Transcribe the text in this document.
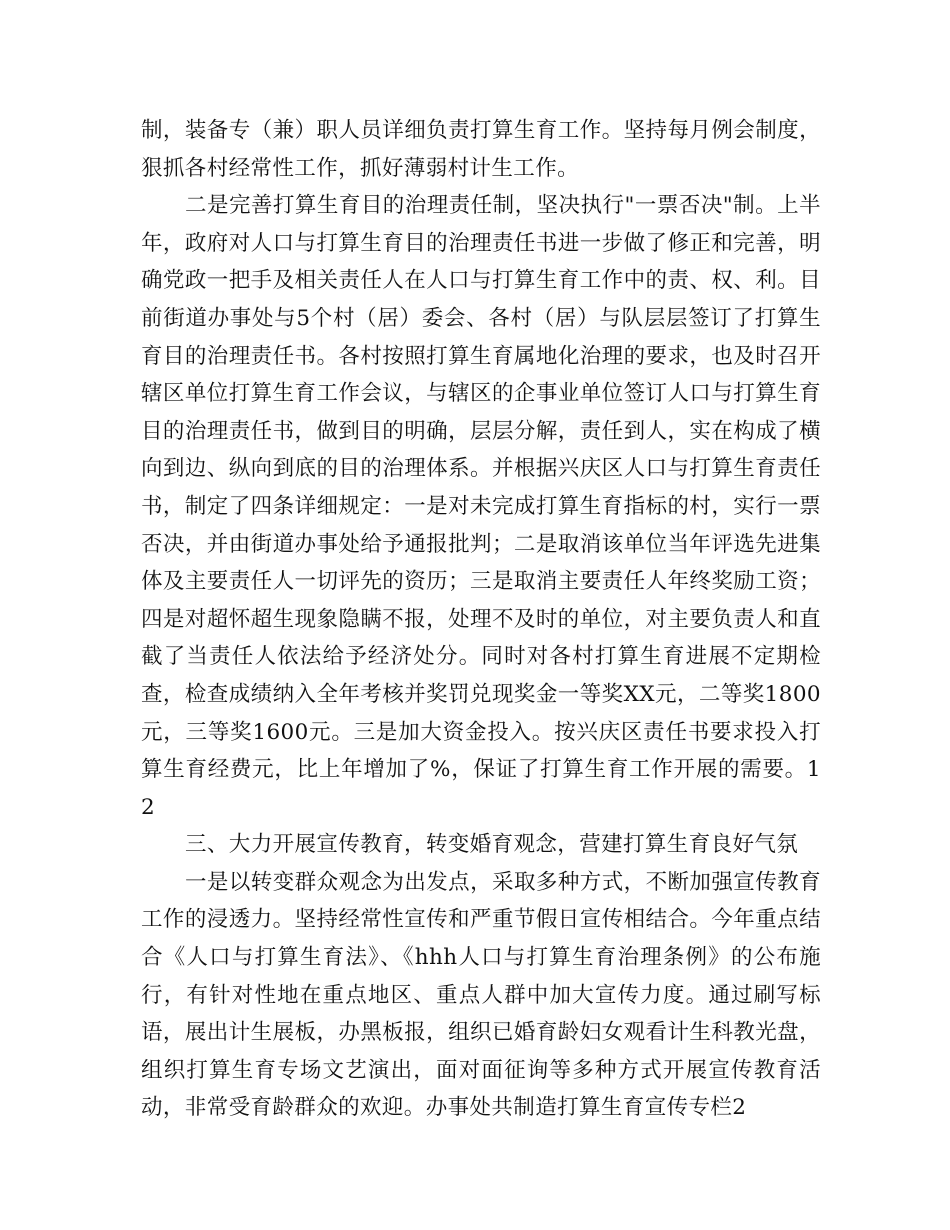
制，装备专（兼）职人员详细负责打算生育工作。坚持每月例会制度，狠抓各村经常性工作，抓好薄弱村计生工作。

二是完善打算生育目的治理责任制，坚决执行"一票否决"制。上半年，政府对人口与打算生育目的治理责任书进一步做了修正和完善，明确党政一把手及相关责任人在人口与打算生育工作中的责、权、利。目前街道办事处与5个村（居）委会、各村（居）与队层层签订了打算生育目的治理责任书。各村按照打算生育属地化治理的要求，也及时召开辖区单位打算生育工作会议，与辖区的企事业单位签订人口与打算生育目的治理责任书，做到目的明确，层层分解，责任到人，实在构成了横向到边、纵向到底的目的治理体系。并根据兴庆区人口与打算生育责任书，制定了四条详细规定：一是对未完成打算生育指标的村，实行一票否决，并由街道办事处给予通报批判；二是取消该单位当年评选先进集体及主要责任人一切评先的资历；三是取消主要责任人年终奖励工资；四是对超怀超生现象隐瞒不报，处理不及时的单位，对主要负责人和直截了当责任人依法给予经济处分。同时对各村打算生育进展不定期检查，检查成绩纳入全年考核并奖罚兑现奖金一等奖XX元，二等奖1800元，三等奖1600元。三是加大资金投入。按兴庆区责任书要求投入打算生育经费元，比上年增加了%，保证了打算生育工作开展的需要。12

三、大力开展宣传教育，转变婚育观念，营建打算生育良好气氛

一是以转变群众观念为出发点，采取多种方式，不断加强宣传教育工作的浸透力。坚持经常性宣传和严重节假日宣传相结合。今年重点结合《人口与打算生育法》、《hhh人口与打算生育治理条例》的公布施行，有针对性地在重点地区、重点人群中加大宣传力度。通过刷写标语，展出计生展板，办黑板报，组织已婚育龄妇女观看计生科教光盘，组织打算生育专场文艺演出，面对面征询等多种方式开展宣传教育活动，非常受育龄群众的欢迎。办事处共制造打算生育宣传专栏2
